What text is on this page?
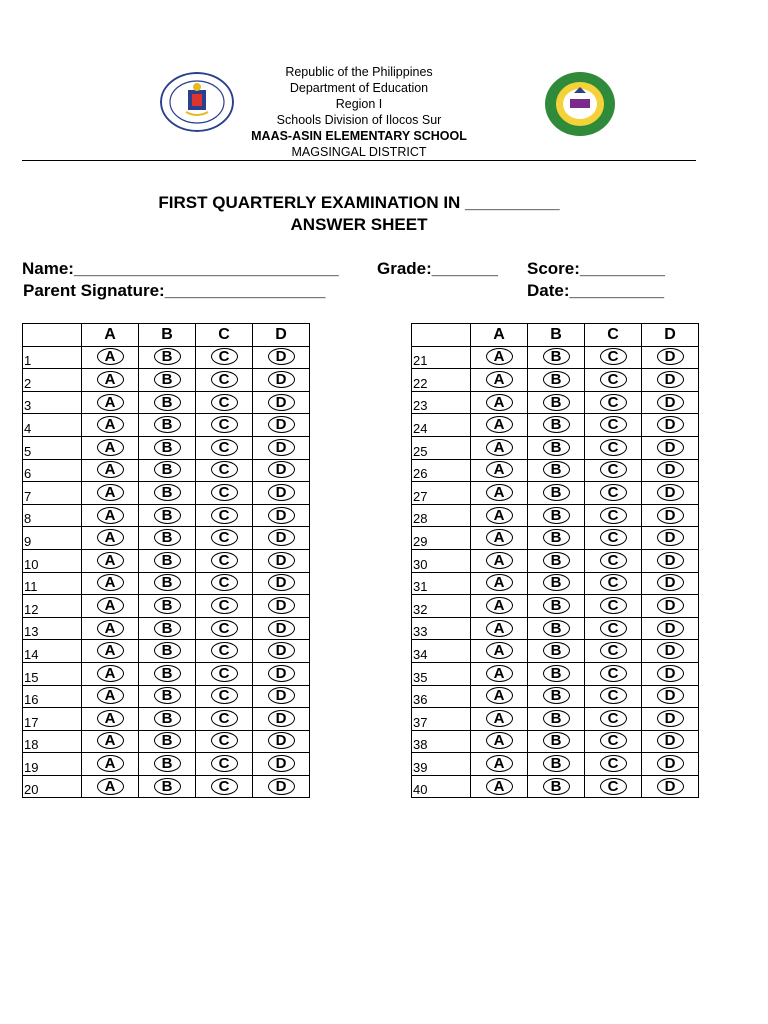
Republic of the Philippines
Department of Education
Region I
Schools Division of Ilocos Sur
MAAS-ASIN ELEMENTARY SCHOOL
MAGSINGAL DISTRICT
FIRST QUARTERLY EXAMINATION IN __________
ANSWER SHEET
Name:____________________________ Grade:_______ Score:_________
Parent Signature:_________________	Date:__________
	A	B	C	D
1	A	B	C	D
2	A	B	C	D
3	A	B	C	D
4	A	B	C	D
5	A	B	C	D
6	A	B	C	D
7	A	B	C	D
8	A	B	C	D
9	A	B	C	D
10	A	B	C	D
11	A	B	C	D
12	A	B	C	D
13	A	B	C	D
14	A	B	C	D
15	A	B	C	D
16	A	B	C	D
17	A	B	C	D
18	A	B	C	D
19	A	B	C	D
20	A	B	C	D
	A	B	C	D
21	A	B	C	D
22	A	B	C	D
23	A	B	C	D
24	A	B	C	D
25	A	B	C	D
26	A	B	C	D
27	A	B	C	D
28	A	B	C	D
29	A	B	C	D
30	A	B	C	D
31	A	B	C	D
32	A	B	C	D
33	A	B	C	D
34	A	B	C	D
35	A	B	C	D
36	A	B	C	D
37	A	B	C	D
38	A	B	C	D
39	A	B	C	D
40	A	B	C	D
